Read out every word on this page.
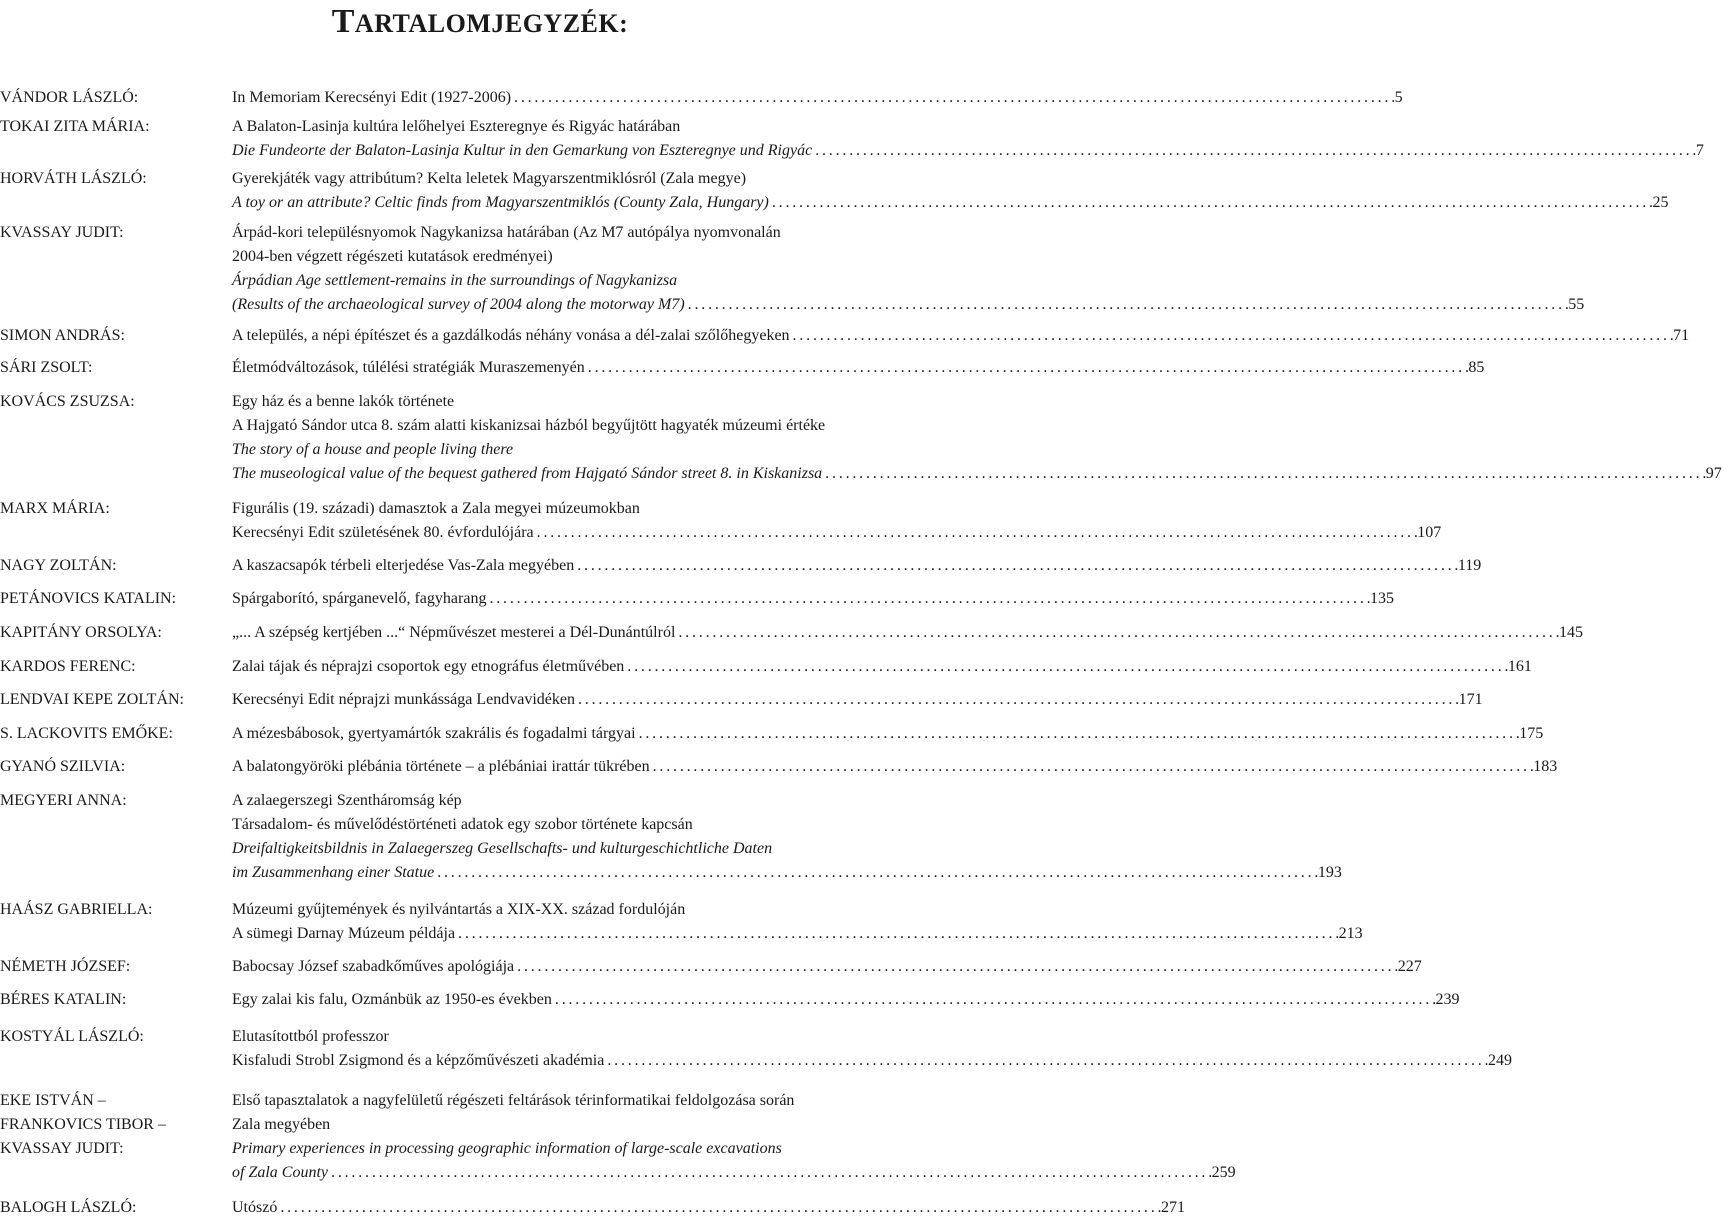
TARTALOMJEGYZÉK:
VÁNDOR LÁSZLÓ:	In Memoriam Kerecsényi Edit (1927-2006) . . .	5
TOKAI ZITA MÁRIA:	A Balaton-Lasinja kultúra lelőhelyei Eszteregnye és Rigyác határában
Die Fundeorte der Balaton-Lasinja Kultur in den Gemarkung von Eszteregnye und Rigyác . . .	7
HORVÁTH LÁSZLÓ:	Gyerekjáték vagy attribútum? Kelta leletek Magyarszentmiklósról (Zala megye)
A toy or an attribute? Celtic finds from Magyarszentmiklós (County Zala, Hungary) . . .	25
KVASSAY JUDIT:	Árpád-kori településnyomok Nagykanizsa határában (Az M7 autópálya nyomvonalán
2004-ben végzett régészeti kutatások eredményei)
Árpádian Age settlement-remains in the surroundings of Nagykanizsa
(Results of the archaeological survey of 2004 along the motorway M7) . . .	55
SIMON ANDRÁS:	A település, a népi építészet és a gazdálkodás néhány vonása a dél-zalai szőlőhegyeken . . .	71
SÁRI ZSOLT:	Életmódváltozások, túlélési stratégiák Muraszemenyén . . .	85
KOVÁCS ZSUZSA:	Egy ház és a benne lakók története
A Hajgató Sándor utca 8. szám alatti kiskanizsai házból begyűjtött hagyaték múzeumi értéke
The story of a house and people living there
The museological value of the bequest gathered from Hajgató Sándor street 8. in Kiskanizsa . . .	97
MARX MÁRIA:	Figurális (19. századi) damasztok a Zala megyei múzeumokban
Kerecsényi Edit születésének 80. évfordulójára . . .	107
NAGY ZOLTÁN:	A kaszacsapók térbeli elterjedése Vas-Zala megyében . . .	119
PETÁNOVICS KATALIN:	Spárgaborító, spárganevelő, fagyharang . . .	135
KAPITÁNY ORSOLYA:	„... A szépség kertjében ...“ Népművészet mesterei a Dél-Dunántúlról . . .	145
KARDOS FERENC:	Zalai tájak és néprajzi csoportok egy etnográfus életművében . . .	161
LENDVAI KEPE ZOLTÁN:	Kerecsényi Edit néprajzi munkássága Lendvavidéken . . .	171
S. LACKOVITS EMŐKE:	A mézesbábosok, gyertyamártók szakrális és fogadalmi tárgyai . . .	175
GYANÓ SZILVIA:	A balatongyöröki plébánia története – a plébániai irattár tükrében . . .	183
MEGYERI ANNA:	A zalaegerszegi Szentháromság kép
Társadalom- és művelődéstörténeti adatok egy szobor története kapcsán
Dreifaltigkeitsbildnis in Zalaegerszeg Gesellschafts- und kulturgeschichtliche Daten
im Zusammenhang einer Statue . . .	193
HAÁSZ GABRIELLA:	Múzeumi gyűjtemények és nyilvántartás a XIX-XX. század fordulóján
A sümegi Darnay Múzeum példája . . .	213
NÉMETH JÓZSEF:	Babocsay József szabadkőműves apológiája . . .	227
BÉRES KATALIN:	Egy zalai kis falu, Ozmánbük az 1950-es években . . .	239
KOSTYÁL LÁSZLÓ:	Elutasítottból professzor
Kisfaludi Strobl Zsigmond és a képzőművészeti akadémia . . .	249
EKE ISTVÁN –
FRANKOVICS TIBOR –
KVASSAY JUDIT:
Első tapasztalatok a nagyfelületű régészeti feltárások térinformatikai feldolgozása során
Zala megyében
Primary experiences in processing geographic information of large-scale excavations
of Zala County . . .	259
BALOGH LÁSZLÓ:	Utószó . . .	271
